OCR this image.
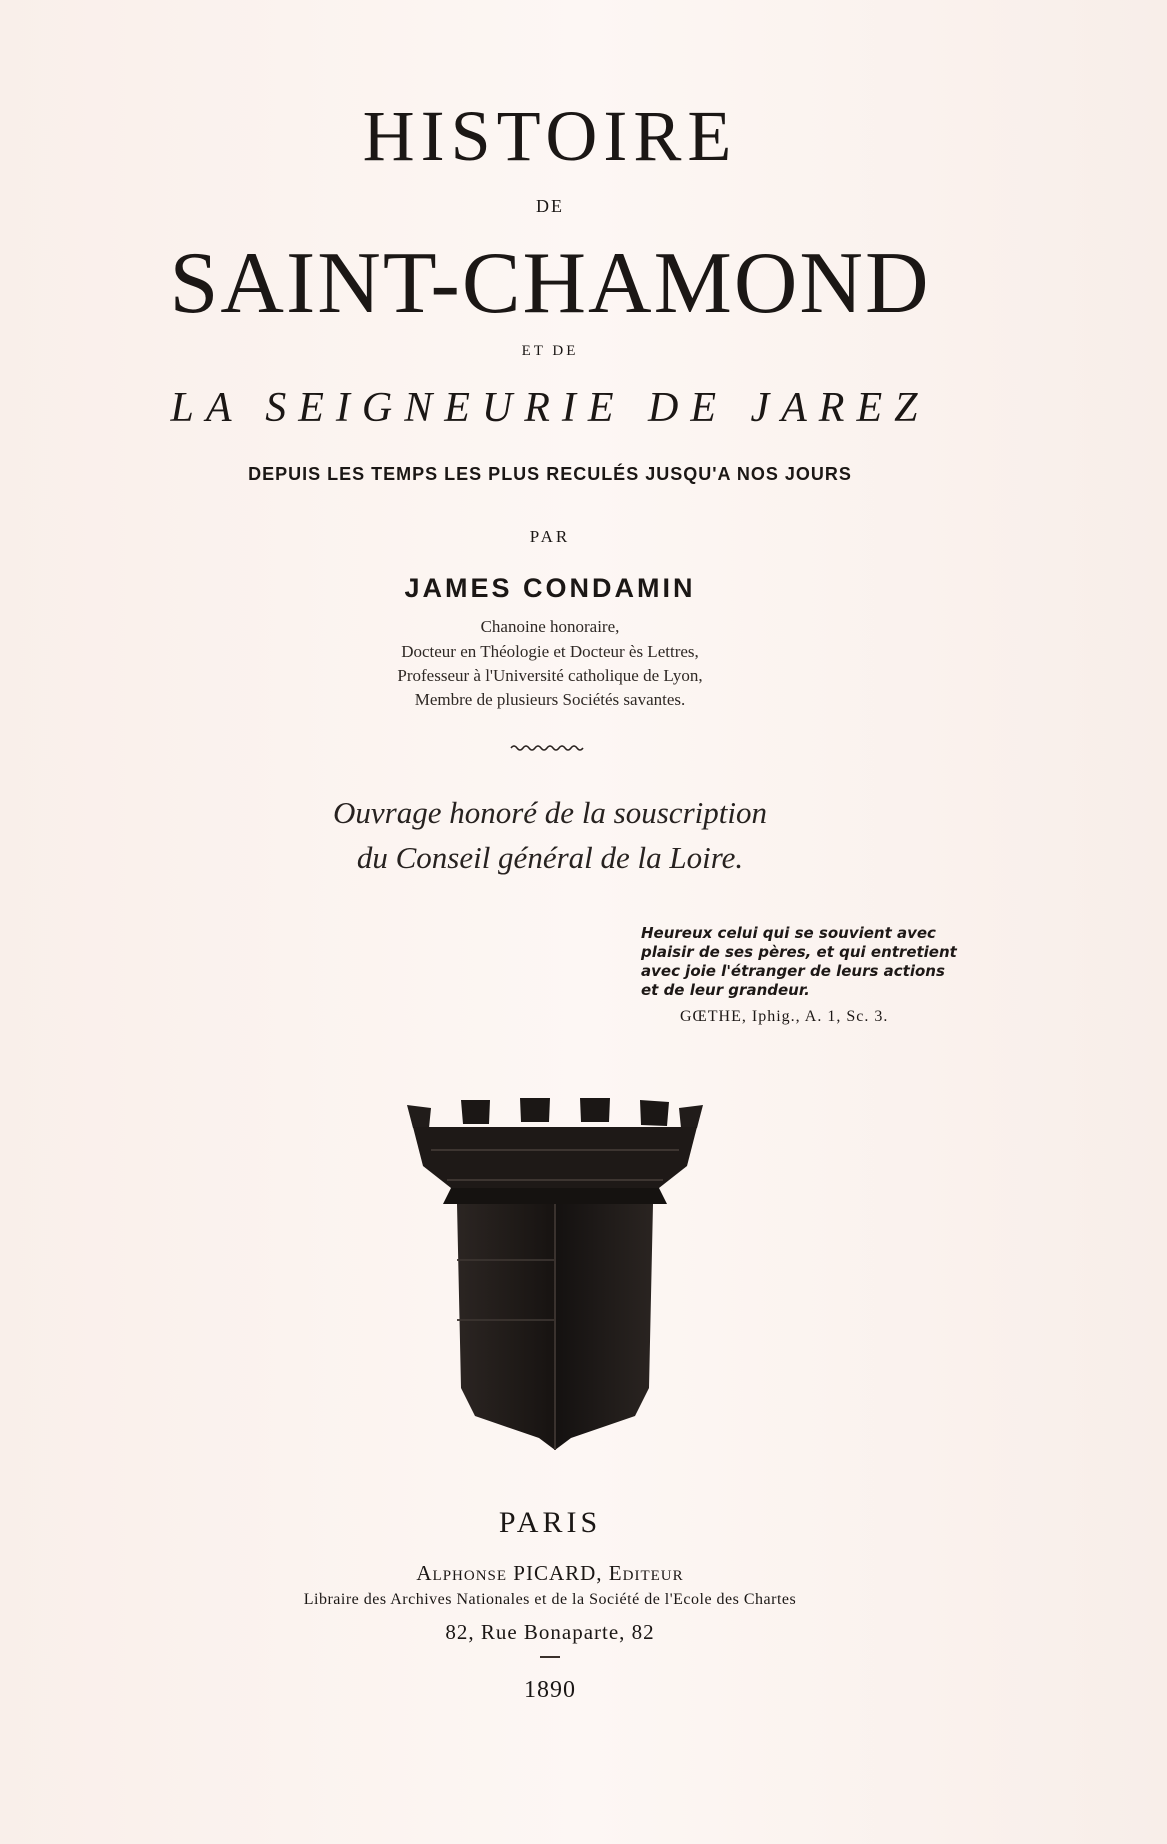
HISTOIRE
DE
SAINT-CHAMOND
ET DE
LA SEIGNEURIE DE JAREZ
DEPUIS LES TEMPS LES PLUS RECULÉS JUSQU'A NOS JOURS
PAR
JAMES CONDAMIN
Chanoine honoraire,
Docteur en Théologie et Docteur ès Lettres,
Professeur à l'Université catholique de Lyon,
Membre de plusieurs Sociétés savantes.
Ouvrage honoré de la souscription
du Conseil général de la Loire.
Heureux celui qui se souvient avec plaisir de ses pères, et qui entretient avec joie l'étranger de leurs actions et de leur grandeur.
GŒTHE, Iphig., A. 1, Sc. 3.
PARIS
Alphonse PICARD, Editeur
Libraire des Archives Nationales et de la Société de l'Ecole des Chartes
82, Rue Bonaparte, 82
1890
